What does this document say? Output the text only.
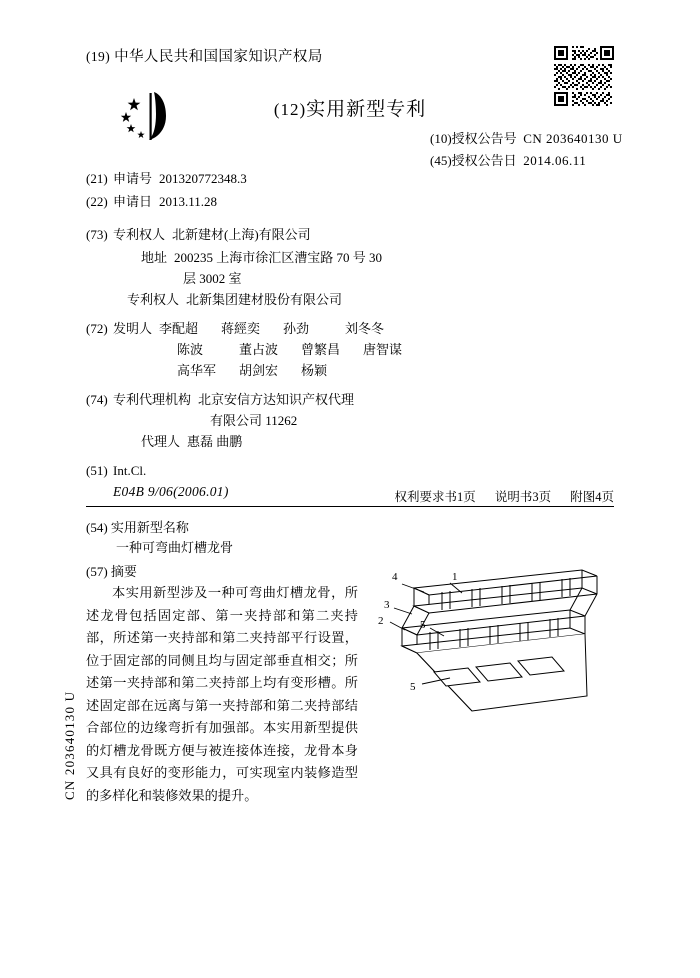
(19) 中华人民共和国国家知识产权局
(12)实用新型专利
(10)授权公告号 CN 203640130 U
(45)授权公告日 2014.06.11
(21) 申请号 201320772348.3
(22) 申请日 2013.11.28
(73) 专利权人 北新建材(上海)有限公司
地址 200235 上海市徐汇区漕宝路 70 号 30
层 3002 室
专利权人 北新集团建材股份有限公司
(72) 发明人 李配超 蒋經奕 孙劲	刘冬冬
陈波	董占波 曾繁昌 唐智谋
高华军 胡剑宏 杨颖
(74) 专利代理机构 北京安信方达知识产权代理
有限公司 11262
代理人 惠磊 曲鹏
(51) Int.Cl.
E04B 9/06(2006.01)	权利要求书1页 说明书3页 附图4页
(54) 实用新型名称
一种可弯曲灯槽龙骨
(57) 摘要

本实用新型涉及一种可弯曲灯槽龙骨，所述龙骨包括固定部、第一夹持部和第二夹持部，所述第一夹持部和第二夹持部平行设置，位于固定部的同侧且均与固定部垂直相交；所述第一夹持部和第二夹持部上均有变形槽。所述固定部在远离与第一夹持部和第二夹持部结合部位的边缘弯折有加强部。本实用新型提供的灯槽龙骨既方便与被连接体连接，龙骨本身又具有良好的变形能力，可实现室内装修造型的多样化和装修效果的提升。

4	1
3
2	5
5
CN 203640130 U
